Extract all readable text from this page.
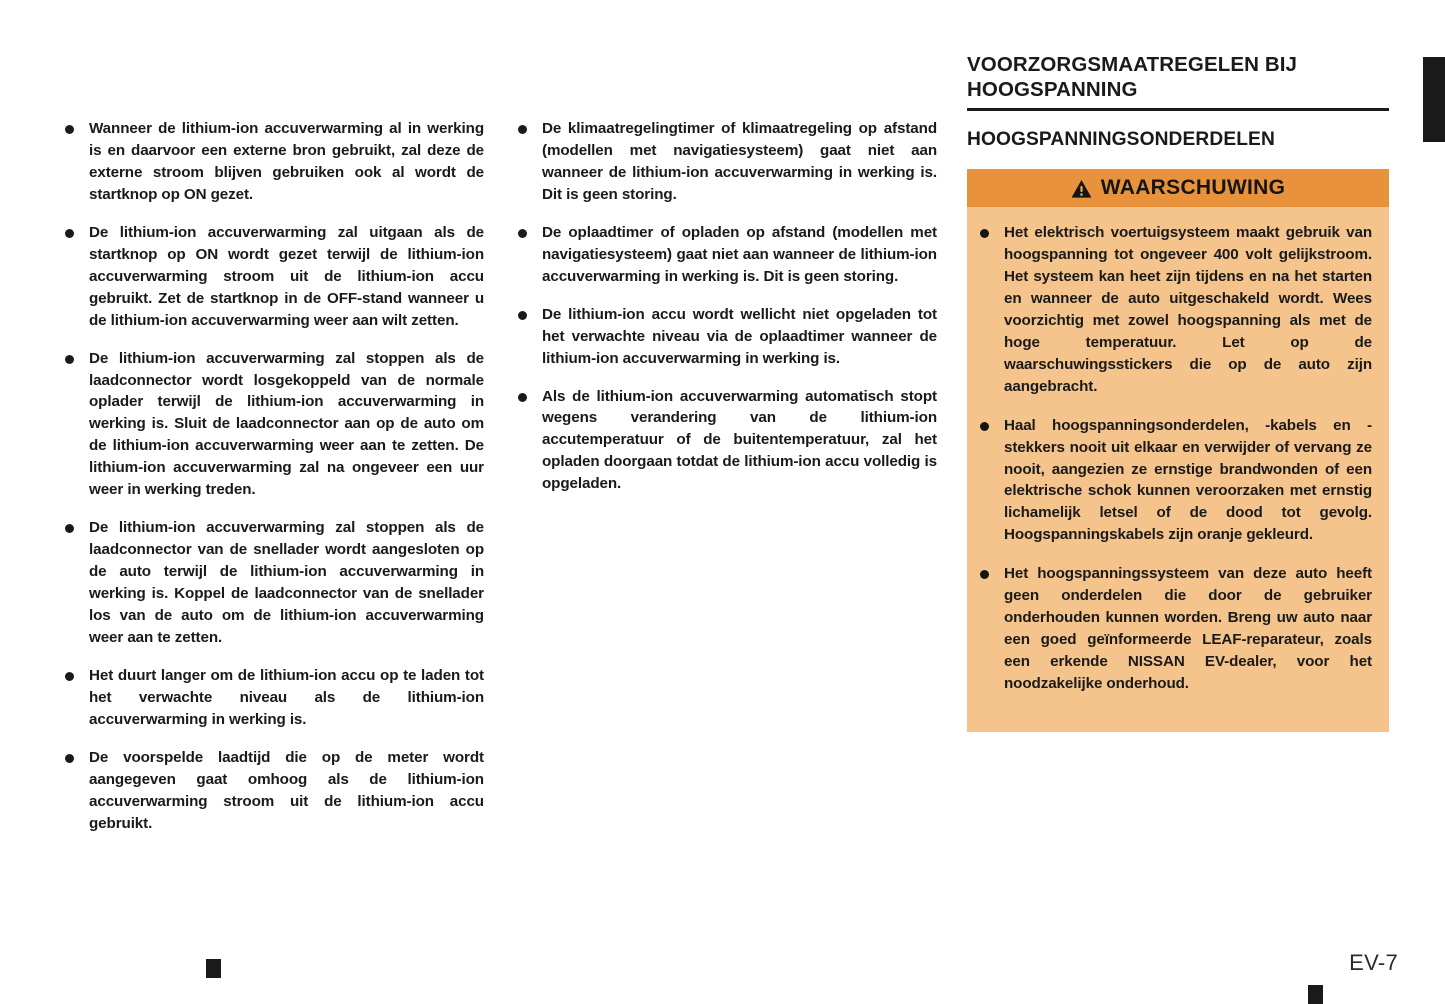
Wanneer de lithium-ion accuverwarming al in werking is en daarvoor een externe bron gebruikt, zal deze de externe stroom blijven gebruiken ook al wordt de startknop op ON gezet.
De lithium-ion accuverwarming zal uitgaan als de startknop op ON wordt gezet terwijl de lithium-ion accuverwarming stroom uit de lithium-ion accu gebruikt. Zet de startknop in de OFF-stand wanneer u de lithium-ion accuverwarming weer aan wilt zetten.
De lithium-ion accuverwarming zal stoppen als de laadconnector wordt losgekoppeld van de normale oplader terwijl de lithium-ion accuverwarming in werking is. Sluit de laadconnector aan op de auto om de lithium-ion accuverwarming weer aan te zetten. De lithium-ion accuverwarming zal na ongeveer een uur weer in werking treden.
De lithium-ion accuverwarming zal stoppen als de laadconnector van de snellader wordt aangesloten op de auto terwijl de lithium-ion accuverwarming in werking is. Koppel de laadconnector van de snellader los van de auto om de lithium-ion accuverwarming weer aan te zetten.
Het duurt langer om de lithium-ion accu op te laden tot het verwachte niveau als de lithium-ion accuverwarming in werking is.
De voorspelde laadtijd die op de meter wordt aangegeven gaat omhoog als de lithium-ion accuverwarming stroom uit de lithium-ion accu gebruikt.
De klimaatregelingtimer of klimaatregeling op afstand (modellen met navigatiesysteem) gaat niet aan wanneer de lithium-ion accuverwarming in werking is. Dit is geen storing.
De oplaadtimer of opladen op afstand (modellen met navigatiesysteem) gaat niet aan wanneer de lithium-ion accuverwarming in werking is. Dit is geen storing.
De lithium-ion accu wordt wellicht niet opgeladen tot het verwachte niveau via de oplaadtimer wanneer de lithium-ion accuverwarming in werking is.
Als de lithium-ion accuverwarming automatisch stopt wegens verandering van de lithium-ion accutemperatuur of de buitentemperatuur, zal het opladen doorgaan totdat de lithium-ion accu volledig is opgeladen.
VOORZORGSMAATREGELEN BIJ HOOGSPANNING
HOOGSPANNINGSONDERDELEN
WAARSCHUWING
Het elektrisch voertuigsysteem maakt gebruik van hoogspanning tot ongeveer 400 volt gelijkstroom. Het systeem kan heet zijn tijdens en na het starten en wanneer de auto uitgeschakeld wordt. Wees voorzichtig met zowel hoogspanning als met de hoge temperatuur. Let op de waarschuwingsstickers die op de auto zijn aangebracht.
Haal hoogspanningsonderdelen, -kabels en -stekkers nooit uit elkaar en verwijder of vervang ze nooit, aangezien ze ernstige brandwonden of een elektrische schok kunnen veroorzaken met ernstig lichamelijk letsel of de dood tot gevolg. Hoogspanningskabels zijn oranje gekleurd.
Het hoogspanningssysteem van deze auto heeft geen onderdelen die door de gebruiker onderhouden kunnen worden. Breng uw auto naar een goed geïnformeerde LEAF-reparateur, zoals een erkende NISSAN EV-dealer, voor het noodzakelijke onderhoud.
EV-7
